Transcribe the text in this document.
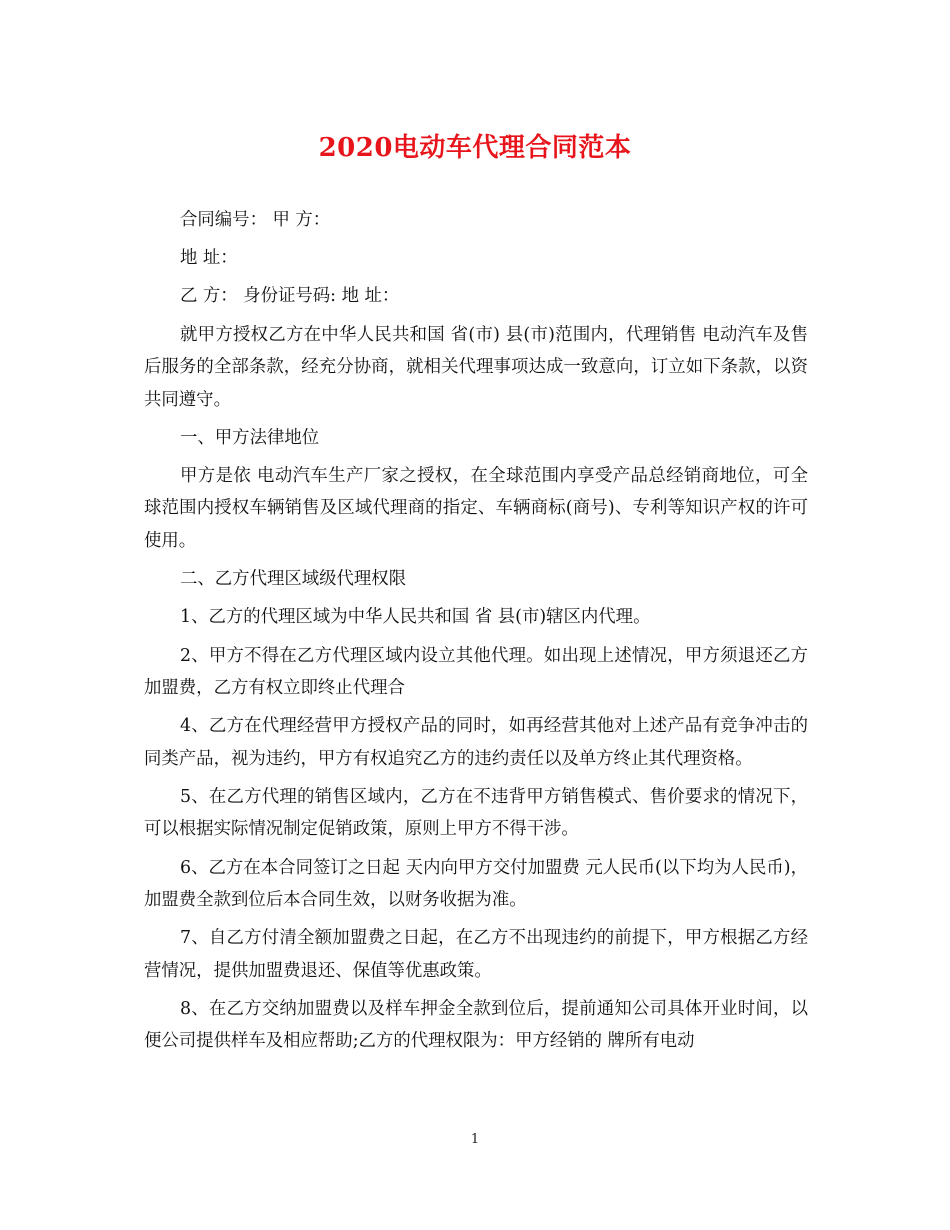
2020电动车代理合同范本

合同编号： 甲 方：

地 址：

乙 方： 身份证号码: 地 址：

就甲方授权乙方在中华人民共和国 省(市) 县(市)范围内，代理销售 电动汽车及售后服务的全部条款，经充分协商，就相关代理事项达成一致意向，订立如下条款，以资共同遵守。

一、甲方法律地位

甲方是依 电动汽车生产厂家之授权，在全球范围内享受产品总经销商地位，可全球范围内授权车辆销售及区域代理商的指定、车辆商标(商号)、专利等知识产权的许可使用。

二、乙方代理区域级代理权限

1、乙方的代理区域为中华人民共和国 省 县(市)辖区内代理。

2、甲方不得在乙方代理区域内设立其他代理。如出现上述情况，甲方须退还乙方加盟费，乙方有权立即终止代理合

4、乙方在代理经营甲方授权产品的同时，如再经营其他对上述产品有竞争冲击的同类产品，视为违约，甲方有权追究乙方的违约责任以及单方终止其代理资格。

5、在乙方代理的销售区域内，乙方在不违背甲方销售模式、售价要求的情况下，可以根据实际情况制定促销政策，原则上甲方不得干涉。

6、乙方在本合同签订之日起 天内向甲方交付加盟费 元人民币(以下均为人民币)，加盟费全款到位后本合同生效，以财务收据为准。

7、自乙方付清全额加盟费之日起，在乙方不出现违约的前提下，甲方根据乙方经营情况，提供加盟费退还、保值等优惠政策。

8、在乙方交纳加盟费以及样车押金全款到位后，提前通知公司具体开业时间，以便公司提供样车及相应帮助;乙方的代理权限为：甲方经销的 牌所有电动

1
